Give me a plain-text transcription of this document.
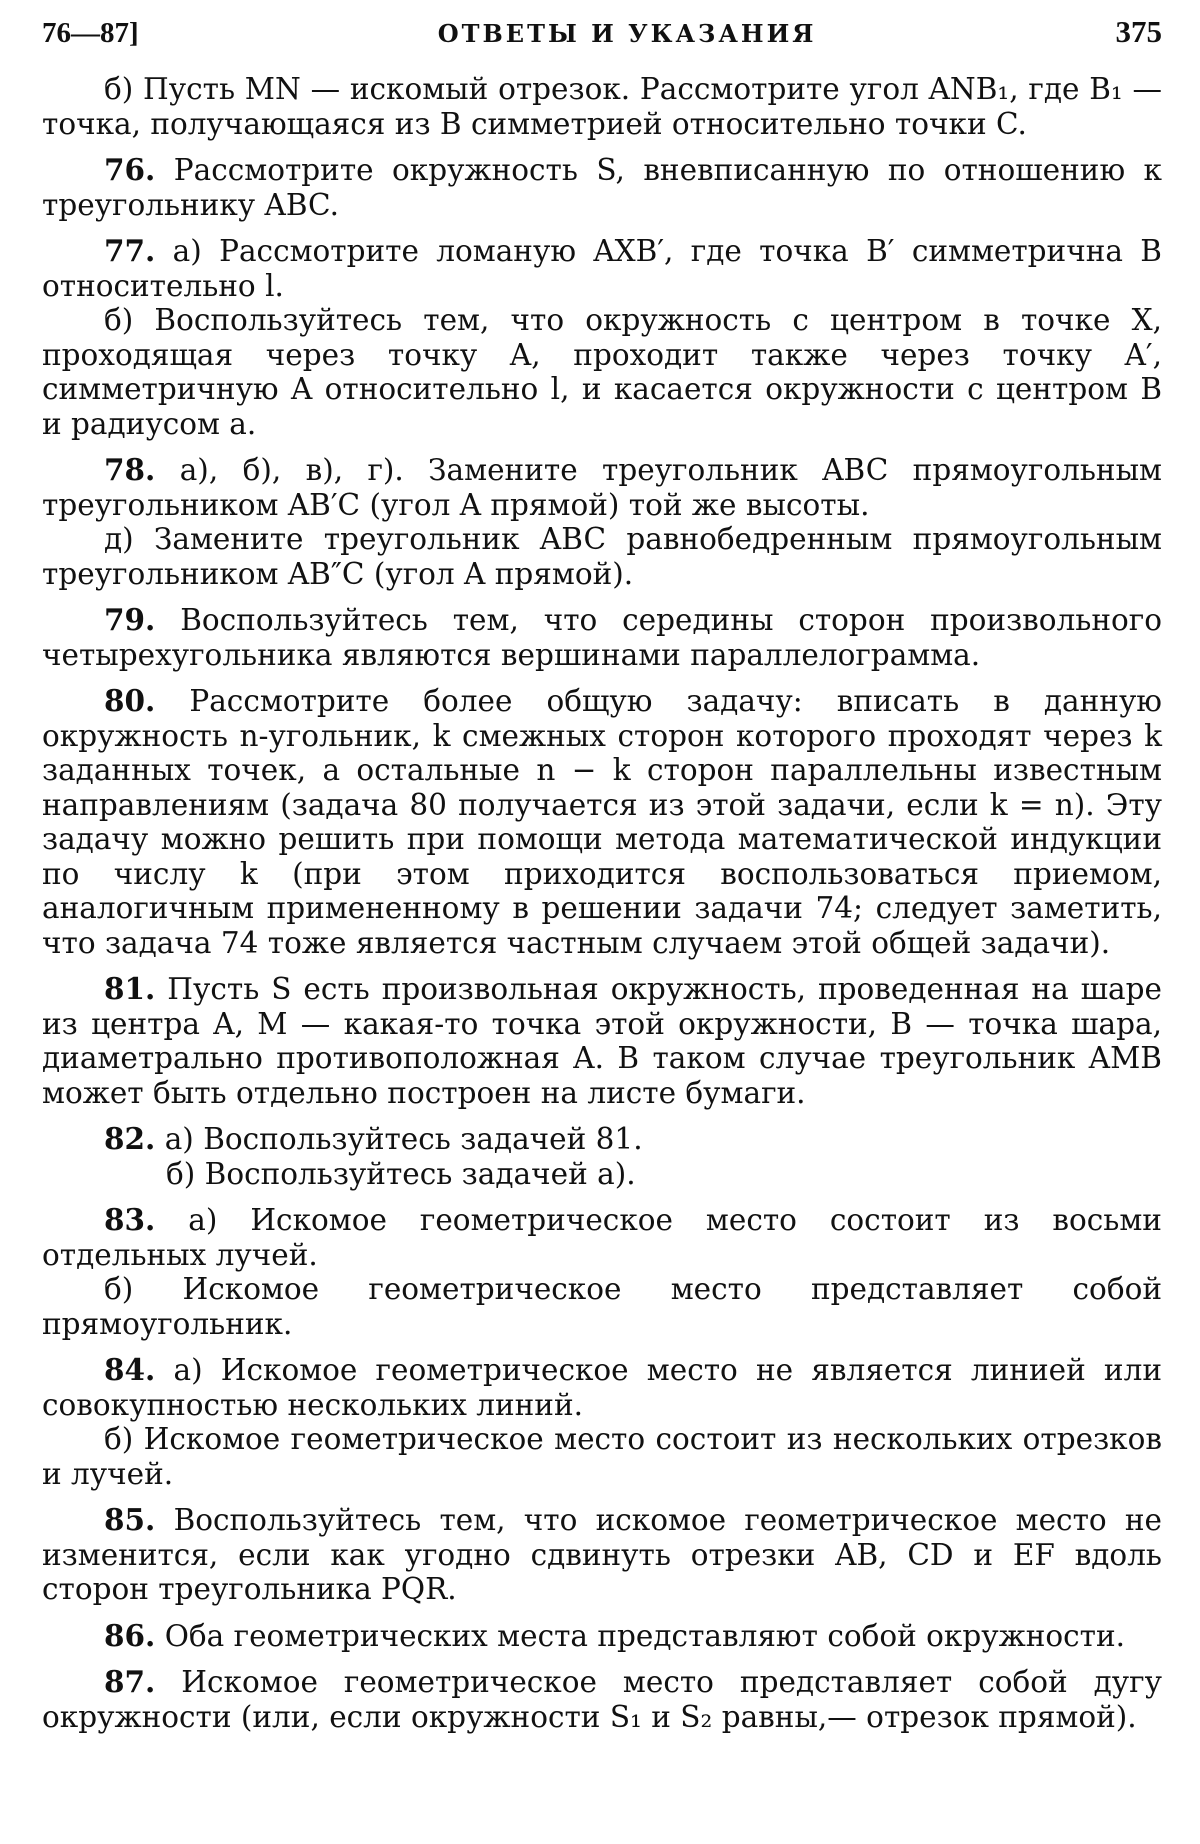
76—87]	ОТВЕТЫ И УКАЗАНИЯ	375

б) Пусть MN — искомый отрезок. Рассмотрите угол ANB₁, где B₁ — точка, получающаяся из B симметрией относительно точки C.

76. Рассмотрите окружность S, вневписанную по отношению к треугольнику ABC.

77. а) Рассмотрите ломаную AXB′, где точка B′ симметрична B относительно l.

б) Воспользуйтесь тем, что окружность с центром в точке X, проходящая через точку A, проходит также через точку A′, симметричную A относительно l, и касается окружности с центром B и радиусом a.

78. а), б), в), г). Замените треугольник ABC прямоугольным треугольником AB′C (угол A прямой) той же высоты.

д) Замените треугольник ABC равнобедренным прямоугольным треугольником AB″C (угол A прямой).

79. Воспользуйтесь тем, что середины сторон произвольного четырехугольника являются вершинами параллелограмма.

80. Рассмотрите более общую задачу: вписать в данную окружность n-угольник, k смежных сторон которого проходят через k заданных точек, а остальные n − k сторон параллельны известным направлениям (задача 80 получается из этой задачи, если k = n). Эту задачу можно решить при помощи метода математической индукции по числу k (при этом приходится воспользоваться приемом, аналогичным примененному в решении задачи 74; следует заметить, что задача 74 тоже является частным случаем этой общей задачи).

81. Пусть S есть произвольная окружность, проведенная на шаре из центра A, M — какая-то точка этой окружности, B — точка шара, диаметрально противоположная A. В таком случае треугольник AMB может быть отдельно построен на листе бумаги.

82. а) Воспользуйтесь задачей 81.

б) Воспользуйтесь задачей а).

83. а) Искомое геометрическое место состоит из восьми отдельных лучей.

б) Искомое геометрическое место представляет собой прямоугольник.

84. а) Искомое геометрическое место не является линией или совокупностью нескольких линий.

б) Искомое геометрическое место состоит из нескольких отрезков и лучей.

85. Воспользуйтесь тем, что искомое геометрическое место не изменится, если как угодно сдвинуть отрезки AB, CD и EF вдоль сторон треугольника PQR.

86. Оба геометрических места представляют собой окружности.

87. Искомое геометрическое место представляет собой дугу окружности (или, если окружности S₁ и S₂ равны,— отрезок прямой).
